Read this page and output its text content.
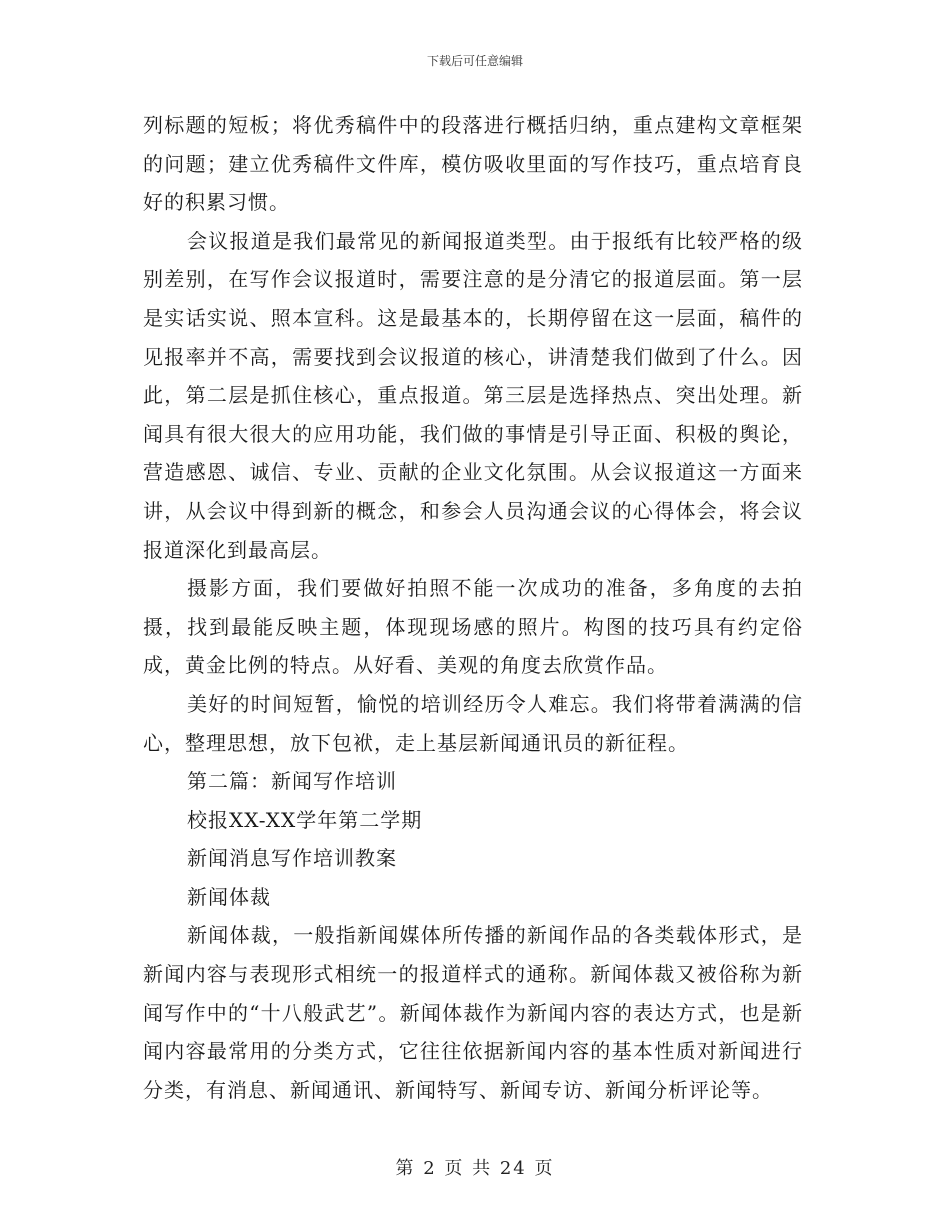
下载后可任意编辑

列标题的短板；将优秀稿件中的段落进行概括归纳，重点建构文章框架的问题；建立优秀稿件文件库，模仿吸收里面的写作技巧，重点培育良好的积累习惯。

会议报道是我们最常见的新闻报道类型。由于报纸有比较严格的级别差别，在写作会议报道时，需要注意的是分清它的报道层面。第一层是实话实说、照本宣科。这是最基本的，长期停留在这一层面，稿件的见报率并不高，需要找到会议报道的核心，讲清楚我们做到了什么。因此，第二层是抓住核心，重点报道。第三层是选择热点、突出处理。新闻具有很大很大的应用功能，我们做的事情是引导正面、积极的舆论，营造感恩、诚信、专业、贡献的企业文化氛围。从会议报道这一方面来讲，从会议中得到新的概念，和参会人员沟通会议的心得体会，将会议报道深化到最高层。

摄影方面，我们要做好拍照不能一次成功的准备，多角度的去拍摄，找到最能反映主题，体现现场感的照片。构图的技巧具有约定俗成，黄金比例的特点。从好看、美观的角度去欣赏作品。

美好的时间短暂，愉悦的培训经历令人难忘。我们将带着满满的信心，整理思想，放下包袱，走上基层新闻通讯员的新征程。

第二篇：新闻写作培训

校报XX-XX学年第二学期

新闻消息写作培训教案

新闻体裁

新闻体裁，一般指新闻媒体所传播的新闻作品的各类载体形式，是新闻内容与表现形式相统一的报道样式的通称。新闻体裁又被俗称为新闻写作中的“十八般武艺”。新闻体裁作为新闻内容的表达方式，也是新闻内容最常用的分类方式，它往往依据新闻内容的基本性质对新闻进行分类，有消息、新闻通讯、新闻特写、新闻专访、新闻分析评论等。

第 2 页 共 24 页
